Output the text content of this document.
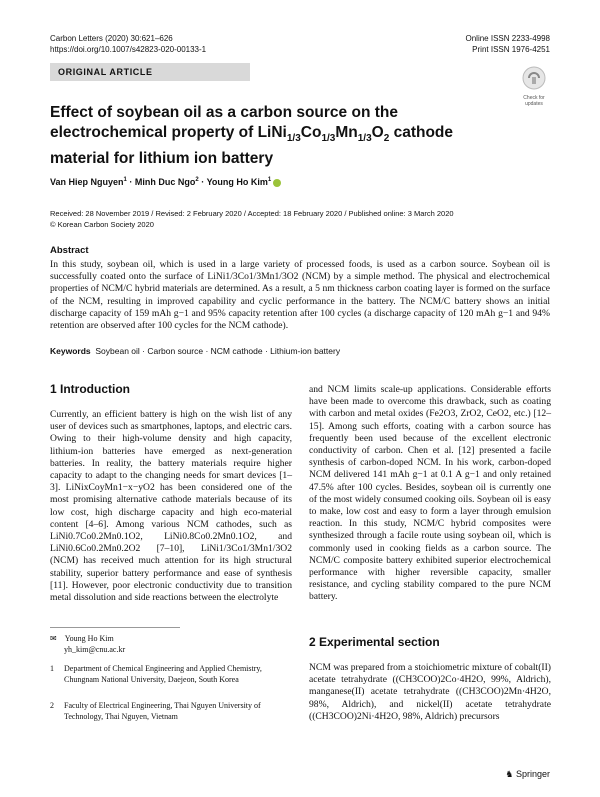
Carbon Letters (2020) 30:621–626
https://doi.org/10.1007/s42823-020-00133-1
Online ISSN 2233-4998
Print ISSN 1976-4251
ORIGINAL ARTICLE
Check for updates
Effect of soybean oil as a carbon source on the electrochemical property of $LiNi_{1/3}Co_{1/3}Mn_{1/3}O_2$ cathode material for lithium ion battery
Van Hiep Nguyen$^1$ · Minh Duc Ngo$^2$ · Young Ho Kim$^1$
Received: 28 November 2019 / Revised: 2 February 2020 / Accepted: 18 February 2020 / Published online: 3 March 2020
© Korean Carbon Society 2020
Abstract
In this study, soybean oil, which is used in a large variety of processed foods, is used as a carbon source. Soybean oil is successfully coated onto the surface of LiNi1/3Co1/3Mn1/3O2 (NCM) by a simple method. The physical and electrochemical properties of NCM/C hybrid materials are determined. As a result, a 5 nm thickness carbon coating layer is formed on the surface of the NCM, resulting in improved capability and cyclic performance in the battery. The NCM/C battery shows an initial discharge capacity of 159 mAh g−1 and 95% capacity retention after 100 cycles (a discharge capacity of 120 mAh g−1 and 94% retention are observed after 100 cycles for the NCM cathode).
Keywords Soybean oil · Carbon source · NCM cathode · Lithium-ion battery
1 Introduction
Currently, an efficient battery is high on the wish list of any user of devices such as smartphones, laptops, and electric cars. Owing to their high-volume density and high capacity, lithium-ion batteries have emerged as next-generation batteries. In reality, the battery materials require higher capacity to adapt to the changing needs for smart devices [1–3]. LiNixCoyMn1−x−yO2 has been considered one of the most promising alternative cathode materials because of its low cost, high discharge capacity and high eco-material content [4–6]. Among various NCM cathodes, such as LiNi0.7Co0.2Mn0.1O2, LiNi0.8Co0.2Mn0.1O2, and LiNi0.6Co0.2Mn0.2O2 [7–10], LiNi1/3Co1/3Mn1/3O2 (NCM) has received much attention for its high structural stability, superior battery performance and ease of synthesis [11]. However, poor electronic conductivity due to transition metal dissolution and side reactions between the electrolyte
and NCM limits scale-up applications. Considerable efforts have been made to overcome this drawback, such as coating with carbon and metal oxides (Fe2O3, ZrO2, CeO2, etc.) [12–15]. Among such efforts, coating with a carbon source has frequently been used because of the excellent electronic conductivity of carbon. Chen et al. [12] presented a facile synthesis of carbon-doped NCM. In his work, carbon-doped NCM delivered 141 mAh g−1 at 0.1 A g−1 and only retained 47.5% after 100 cycles. Besides, soybean oil is currently one of the most widely consumed cooking oils. Soybean oil is easy to make, low cost and easy to form a layer through emulsion reaction. In this study, NCM/C hybrid composites were synthesized through a facile route using soybean oil, which is commonly used in cooking fields as a carbon source. The NCM/C composite battery exhibited superior electrochemical performance with higher reversible capacity, smaller resistance, and cycling stability compared to the pure NCM battery.
2 Experimental section
NCM was prepared from a stoichiometric mixture of cobalt(II) acetate tetrahydrate ((CH3COO)2Co·4H2O, 99%, Aldrich), manganese(II) acetate tetrahydrate ((CH3COO)2Mn·4H2O, 98%, Aldrich), and nickel(II) acetate tetrahydrate ((CH3COO)2Ni·4H2O, 98%, Aldrich) precursors
✉ Young Ho Kim
yh_kim@cnu.ac.kr
1 Department of Chemical Engineering and Applied Chemistry, Chungnam National University, Daejeon, South Korea
2 Faculty of Electrical Engineering, Thai Nguyen University of Technology, Thai Nguyen, Vietnam
♞ Springer
